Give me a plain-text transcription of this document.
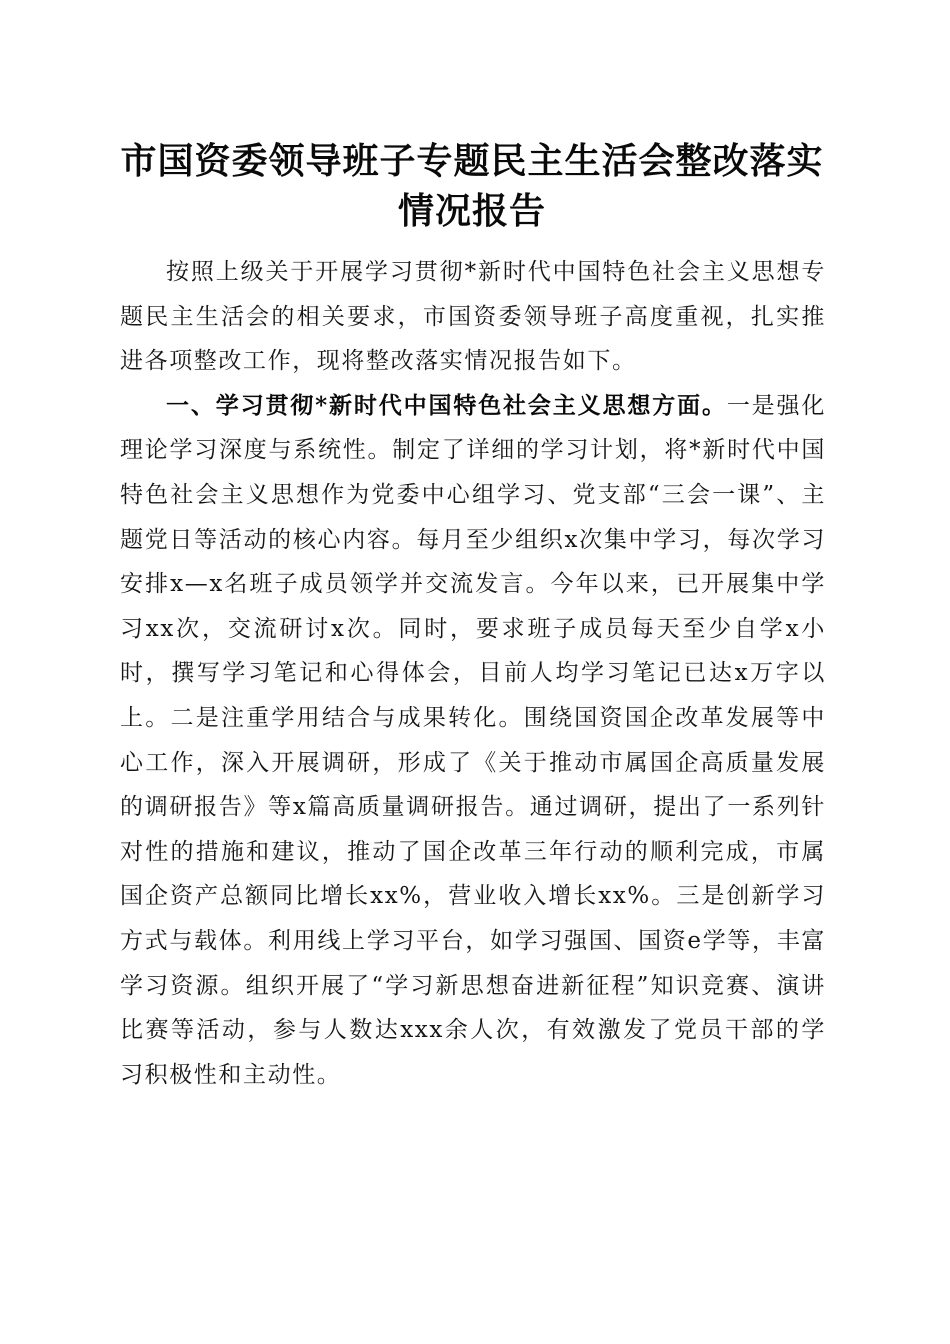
市国资委领导班子专题民主生活会整改落实情况报告

按照上级关于开展学习贯彻*新时代中国特色社会主义思想专题民主生活会的相关要求，市国资委领导班子高度重视，扎实推进各项整改工作，现将整改落实情况报告如下。

一、学习贯彻*新时代中国特色社会主义思想方面。一是强化理论学习深度与系统性。制定了详细的学习计划，将*新时代中国特色社会主义思想作为党委中心组学习、党支部“三会一课”、主题党日等活动的核心内容。每月至少组织x次集中学习，每次学习安排x—x名班子成员领学并交流发言。今年以来，已开展集中学习xx次，交流研讨x次。同时，要求班子成员每天至少自学x小时，撰写学习笔记和心得体会，目前人均学习笔记已达x万字以上。二是注重学用结合与成果转化。围绕国资国企改革发展等中心工作，深入开展调研，形成了《关于推动市属国企高质量发展的调研报告》等x篇高质量调研报告。通过调研，提出了一系列针对性的措施和建议，推动了国企改革三年行动的顺利完成，市属国企资产总额同比增长xx%，营业收入增长xx%。三是创新学习方式与载体。利用线上学习平台，如学习强国、国资e学等，丰富学习资源。组织开展了“学习新思想奋进新征程”知识竞赛、演讲比赛等活动，参与人数达xxx余人次，有效激发了党员干部的学习积极性和主动性。
